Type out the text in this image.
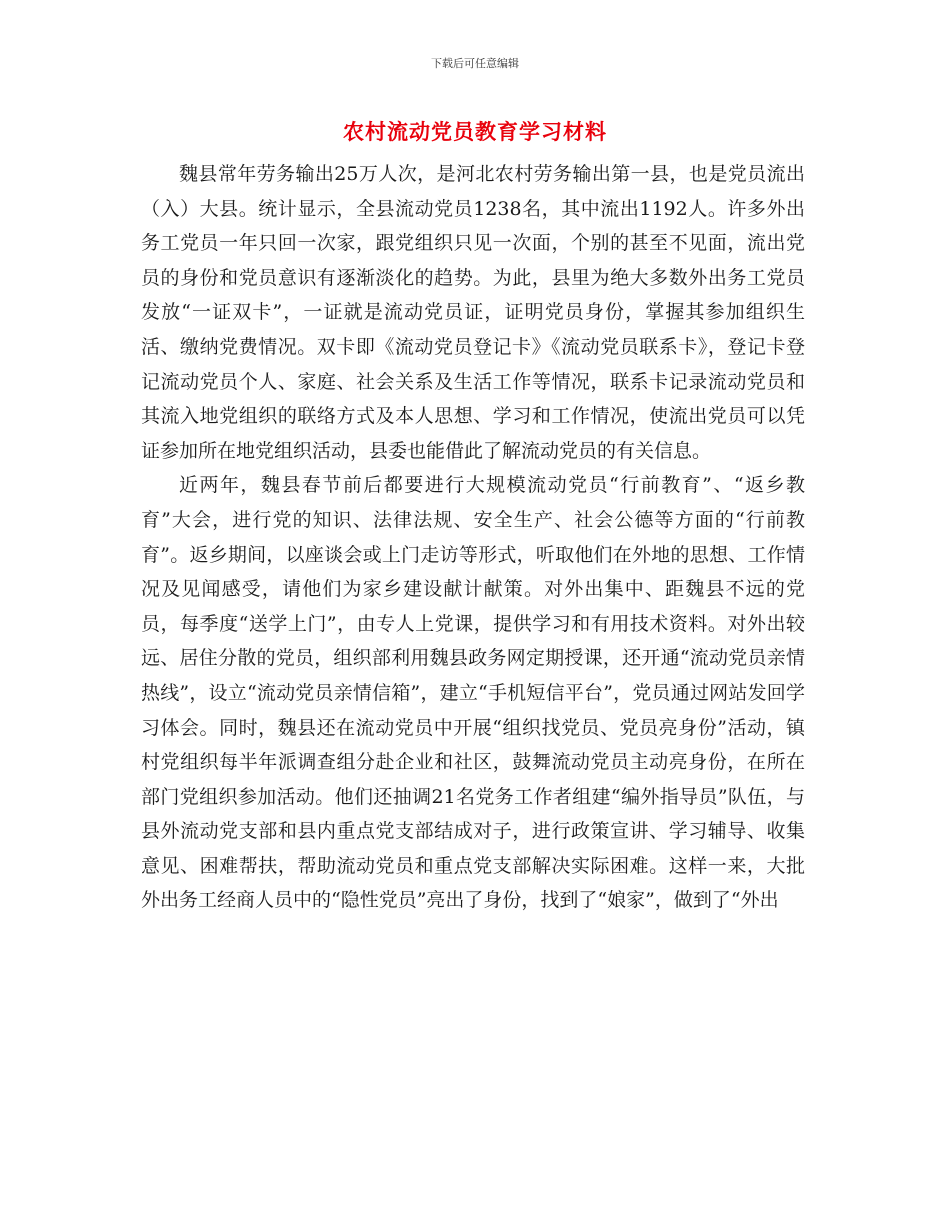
下载后可任意编辑
农村流动党员教育学习材料

魏县常年劳务输出25万人次，是河北农村劳务输出第一县，也是党员流出（入）大县。统计显示，全县流动党员1238名，其中流出1192人。许多外出务工党员一年只回一次家，跟党组织只见一次面，个别的甚至不见面，流出党员的身份和党员意识有逐渐淡化的趋势。为此，县里为绝大多数外出务工党员发放“一证双卡”，一证就是流动党员证，证明党员身份，掌握其参加组织生活、缴纳党费情况。双卡即《流动党员登记卡》《流动党员联系卡》，登记卡登记流动党员个人、家庭、社会关系及生活工作等情况，联系卡记录流动党员和其流入地党组织的联络方式及本人思想、学习和工作情况，使流出党员可以凭证参加所在地党组织活动，县委也能借此了解流动党员的有关信息。

近两年，魏县春节前后都要进行大规模流动党员“行前教育”、“返乡教育”大会，进行党的知识、法律法规、安全生产、社会公德等方面的“行前教育”。返乡期间，以座谈会或上门走访等形式，听取他们在外地的思想、工作情况及见闻感受，请他们为家乡建设献计献策。对外出集中、距魏县不远的党员，每季度“送学上门”，由专人上党课，提供学习和有用技术资料。对外出较远、居住分散的党员，组织部利用魏县政务网定期授课，还开通“流动党员亲情热线”，设立“流动党员亲情信箱”，建立“手机短信平台”，党员通过网站发回学习体会。同时，魏县还在流动党员中开展“组织找党员、党员亮身份”活动，镇村党组织每半年派调查组分赴企业和社区，鼓舞流动党员主动亮身份，在所在部门党组织参加活动。他们还抽调21名党务工作者组建“编外指导员”队伍，与县外流动党支部和县内重点党支部结成对子，进行政策宣讲、学习辅导、收集意见、困难帮扶，帮助流动党员和重点党支部解决实际困难。这样一来，大批外出务工经商人员中的“隐性党员”亮出了身份，找到了“娘家”，做到了“外出
